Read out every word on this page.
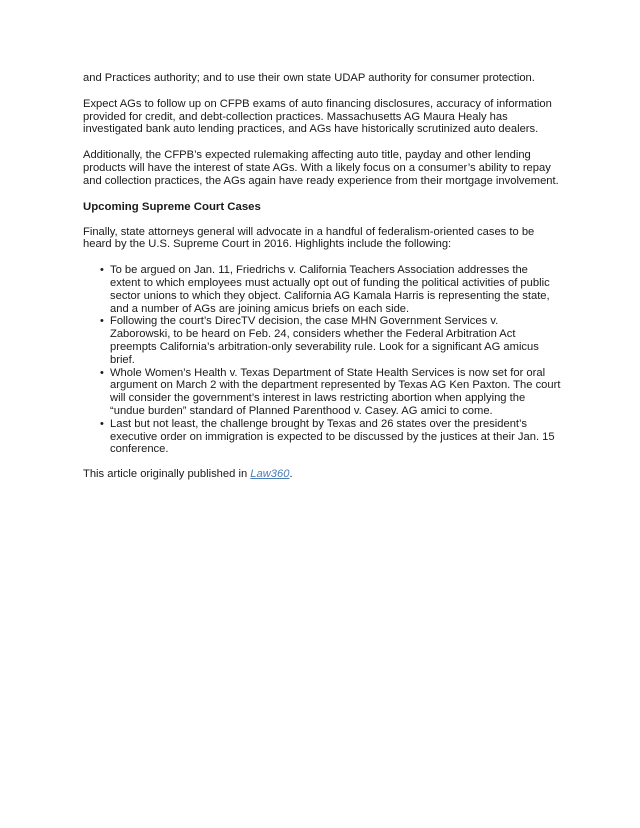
and Practices authority; and to use their own state UDAP authority for consumer protection.

Expect AGs to follow up on CFPB exams of auto financing disclosures, accuracy of information provided for credit, and debt-collection practices. Massachusetts AG Maura Healy has investigated bank auto lending practices, and AGs have historically scrutinized auto dealers.

Additionally, the CFPB’s expected rulemaking affecting auto title, payday and other lending products will have the interest of state AGs. With a likely focus on a consumer’s ability to repay and collection practices, the AGs again have ready experience from their mortgage involvement.

Upcoming Supreme Court Cases

Finally, state attorneys general will advocate in a handful of federalism-oriented cases to be heard by the U.S. Supreme Court in 2016. Highlights include the following:

• To be argued on Jan. 11, Friedrichs v. California Teachers Association addresses the extent to which employees must actually opt out of funding the political activities of public sector unions to which they object. California AG Kamala Harris is representing the state, and a number of AGs are joining amicus briefs on each side.
• Following the court’s DirecTV decision, the case MHN Government Services v. Zaborowski, to be heard on Feb. 24, considers whether the Federal Arbitration Act preempts California’s arbitration-only severability rule. Look for a significant AG amicus brief.
• Whole Women’s Health v. Texas Department of State Health Services is now set for oral argument on March 2 with the department represented by Texas AG Ken Paxton. The court will consider the government’s interest in laws restricting abortion when applying the “undue burden” standard of Planned Parenthood v. Casey. AG amici to come.
• Last but not least, the challenge brought by Texas and 26 states over the president’s executive order on immigration is expected to be discussed by the justices at their Jan. 15 conference.

This article originally published in Law360.
